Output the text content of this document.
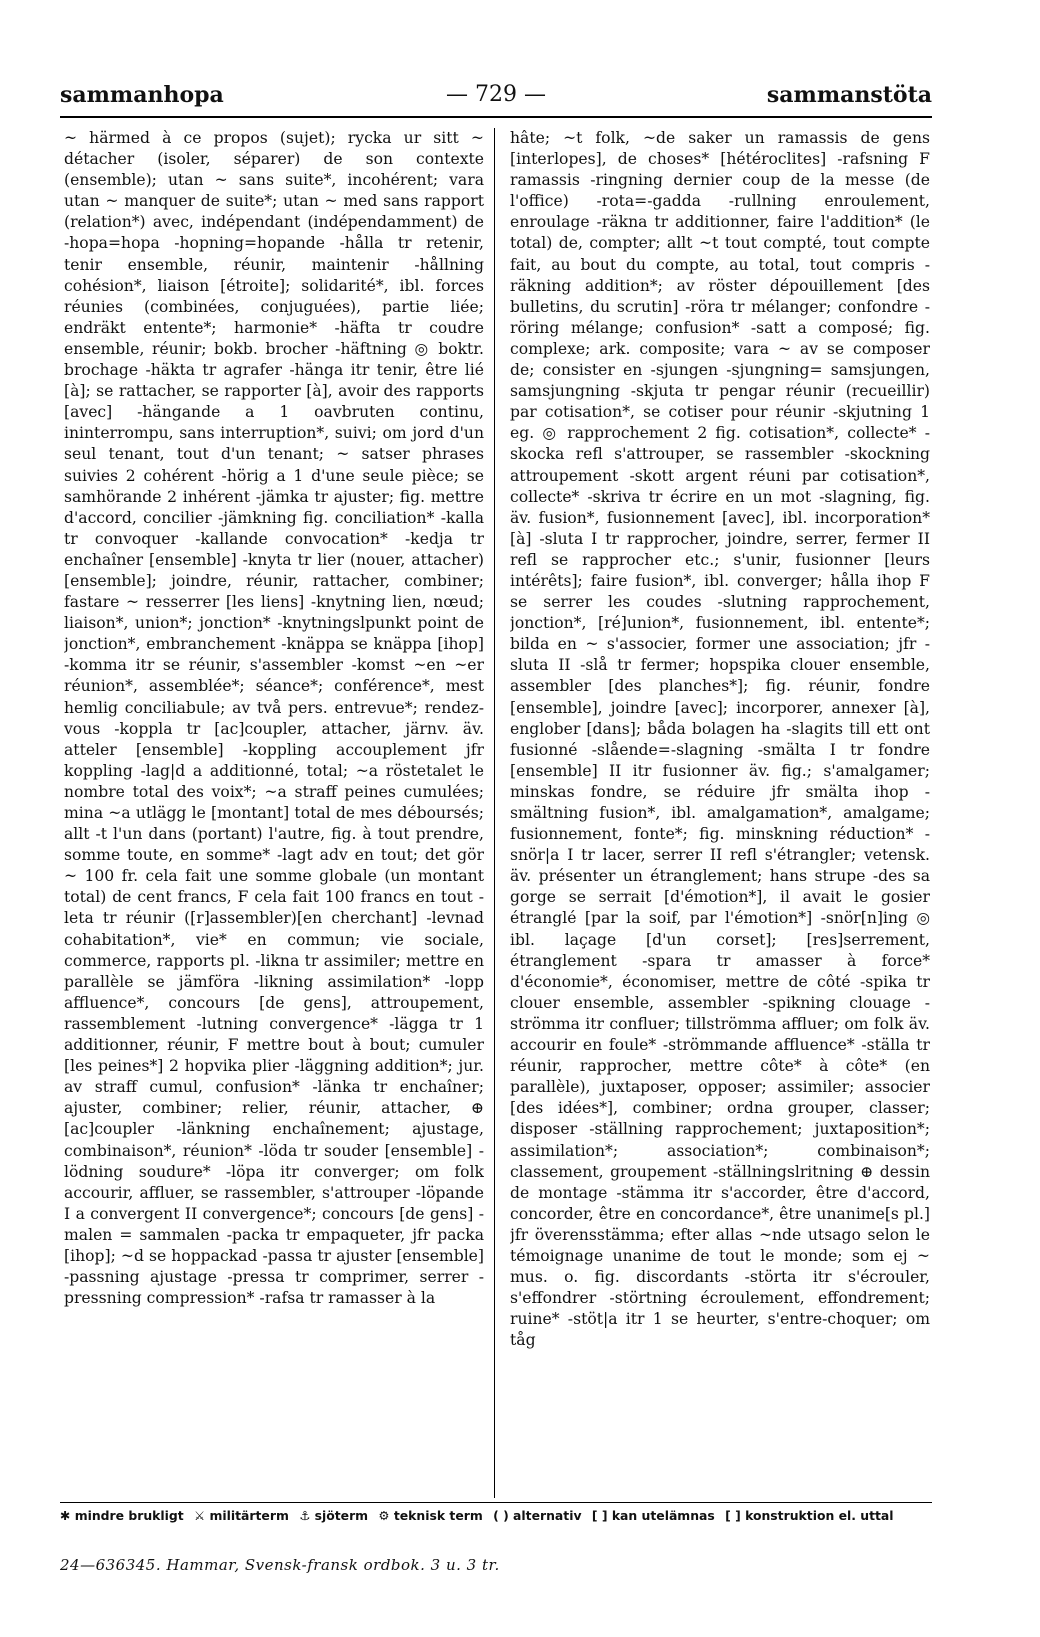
sammanhopa	— 729 —	sammanstöta

~ härmed à ce propos (sujet); rycka ur sitt ~ détacher (isoler, séparer) de son contexte (ensemble); utan ~ sans suite*, incohérent; vara utan ~ manquer de suite*; utan ~ med sans rapport (relation*) avec, indépendant (indépendamment) de -hopa=hopa -hopning=hopande -hålla tr retenir, tenir ensemble, réunir, maintenir -hållning cohésion*, liaison [étroite]; solidarité*, ibl. forces réunies (combinées, conjuguées), partie liée; endräkt entente*; harmonie* -häfta tr coudre ensemble, réunir; bokb. brocher -häftning ◎ boktr. brochage -häkta tr agrafer -hänga itr tenir, être lié [à]; se rattacher, se rapporter [à], avoir des rapports [avec] -hängande a 1 oavbruten continu, ininterrompu, sans interruption*, suivi; om jord d'un seul tenant, tout d'un tenant; ~ satser phrases suivies 2 cohérent -hörig a 1 d'une seule pièce; se samhörande 2 inhérent -jämka tr ajuster; fig. mettre d'accord, concilier -jämkning fig. conciliation* -kalla tr convoquer -kallande convocation* -kedja tr enchaîner [ensemble] -knyta tr lier (nouer, attacher) [ensemble]; joindre, réunir, rattacher, combiner; fastare ~ resserrer [les liens] -knytning lien, nœud; liaison*, union*; jonction* -knytningslpunkt point de jonction*, embranchement -knäppa se knäppa [ihop] -komma itr se réunir, s'assembler -komst ~en ~er réunion*, assemblée*; séance*; conférence*, mest hemlig conciliabule; av två pers. entrevue*; rendez-vous -koppla tr [ac]coupler, attacher, järnv. äv. atteler [ensemble] -koppling accouplement jfr koppling -lag|d a additionné, total; ~a röstetalet le nombre total des voix*; ~a straff peines cumulées; mina ~a utlägg le [montant] total de mes déboursés; allt -t l'un dans (portant) l'autre, fig. à tout prendre, somme toute, en somme* -lagt adv en tout; det gör ~ 100 fr. cela fait une somme globale (un montant total) de cent francs, F cela fait 100 francs en tout -leta tr réunir ([r]assembler)[en cherchant] -levnad cohabitation*, vie* en commun; vie sociale, commerce, rapports pl. -likna tr assimiler; mettre en parallèle se jämföra -likning assimilation* -lopp affluence*, concours [de gens], attroupement, rassemblement -lutning convergence* -lägga tr 1 additionner, réunir, F mettre bout à bout; cumuler [les peines*] 2 hopvika plier -läggning addition*; jur. av straff cumul, confusion* -länka tr enchaîner; ajuster, combiner; relier, réunir, attacher, ⊕ [ac]coupler -länkning enchaînement; ajustage, combinaison*, réunion* -löda tr souder [ensemble] -lödning soudure* -löpa itr converger; om folk accourir, affluer, se rassembler, s'attrouper -löpande I a convergent II convergence*; concours [de gens] -malen = sammalen -packa tr empaqueter, jfr packa [ihop]; ~d se hoppackad -passa tr ajuster [ensemble] -passning ajustage -pressa tr comprimer, serrer -pressning compression* -rafsa tr ramasser à la

hâte; ~t folk, ~de saker un ramassis de gens [interlopes], de choses* [hétéroclites] -rafsning F ramassis -ringning dernier coup de la messe (de l'office) -rota=-gadda -rullning enroulement, enroulage -räkna tr additionner, faire l'addition* (le total) de, compter; allt ~t tout compté, tout compte fait, au bout du compte, au total, tout compris -räkning addition*; av röster dépouillement [des bulletins, du scrutin] -röra tr mélanger; confondre -röring mélange; confusion* -satt a composé; fig. complexe; ark. composite; vara ~ av se composer de; consister en -sjungen -sjungning= samsjungen, samsjungning -skjuta tr pengar réunir (recueillir) par cotisation*, se cotiser pour réunir -skjutning 1 eg. ◎ rapprochement 2 fig. cotisation*, collecte* -skocka refl s'attrouper, se rassembler -skockning attroupement -skott argent réuni par cotisation*, collecte* -skriva tr écrire en un mot -slagning, fig. äv. fusion*, fusionnement [avec], ibl. incorporation* [à] -sluta I tr rapprocher, joindre, serrer, fermer II refl se rapprocher etc.; s'unir, fusionner [leurs intérêts]; faire fusion*, ibl. converger; hålla ihop F se serrer les coudes -slutning rapprochement, jonction*, [ré]union*, fusionnement, ibl. entente*; bilda en ~ s'associer, former une association; jfr -sluta II -slå tr fermer; hopspika clouer ensemble, assembler [des planches*]; fig. réunir, fondre [ensemble], joindre [avec]; incorporer, annexer [à], englober [dans]; båda bolagen ha -slagits till ett ont fusionné -slående=-slagning -smälta I tr fondre [ensemble] II itr fusionner äv. fig.; s'amalgamer; minskas fondre, se réduire jfr smälta ihop -smältning fusion*, ibl. amalgamation*, amalgame; fusionnement, fonte*; fig. minskning réduction* -snör|a I tr lacer, serrer II refl s'étrangler; vetensk. äv. présenter un étranglement; hans strupe -des sa gorge se serrait [d'émotion*], il avait le gosier étranglé [par la soif, par l'émotion*] -snör[n]ing ◎ ibl. laçage [d'un corset]; [res]serrement, étranglement -spara tr amasser à force* d'économie*, économiser, mettre de côté -spika tr clouer ensemble, assembler -spikning clouage -strömma itr confluer; tillströmma affluer; om folk äv. accourir en foule* -strömmande affluence* -ställa tr réunir, rapprocher, mettre côte* à côte* (en parallèle), juxtaposer, opposer; assimiler; associer [des idées*], combiner; ordna grouper, classer; disposer -ställning rapprochement; juxtaposition*; assimilation*; association*; combinaison*; classement, groupement -ställningslritning ⊕ dessin de montage -stämma itr s'accorder, être d'accord, concorder, être en concordance*, être unanime[s pl.] jfr överensstämma; efter allas ~nde utsago selon le témoignage unanime de tout le monde; som ej ~ mus. o. fig. discordants -störta itr s'écrouler, s'effondrer -störtning écroulement, effondrement; ruine* -stöt|a itr 1 se heurter, s'entre-choquer; om tåg

✱ mindre brukligt ⚔ militärterm ⚓ sjöterm ⚙ teknisk term ( ) alternativ [ ] kan utelämnas [ ] konstruktion el. uttal
24—636345. Hammar, Svensk-fransk ordbok. 3 u. 3 tr.
